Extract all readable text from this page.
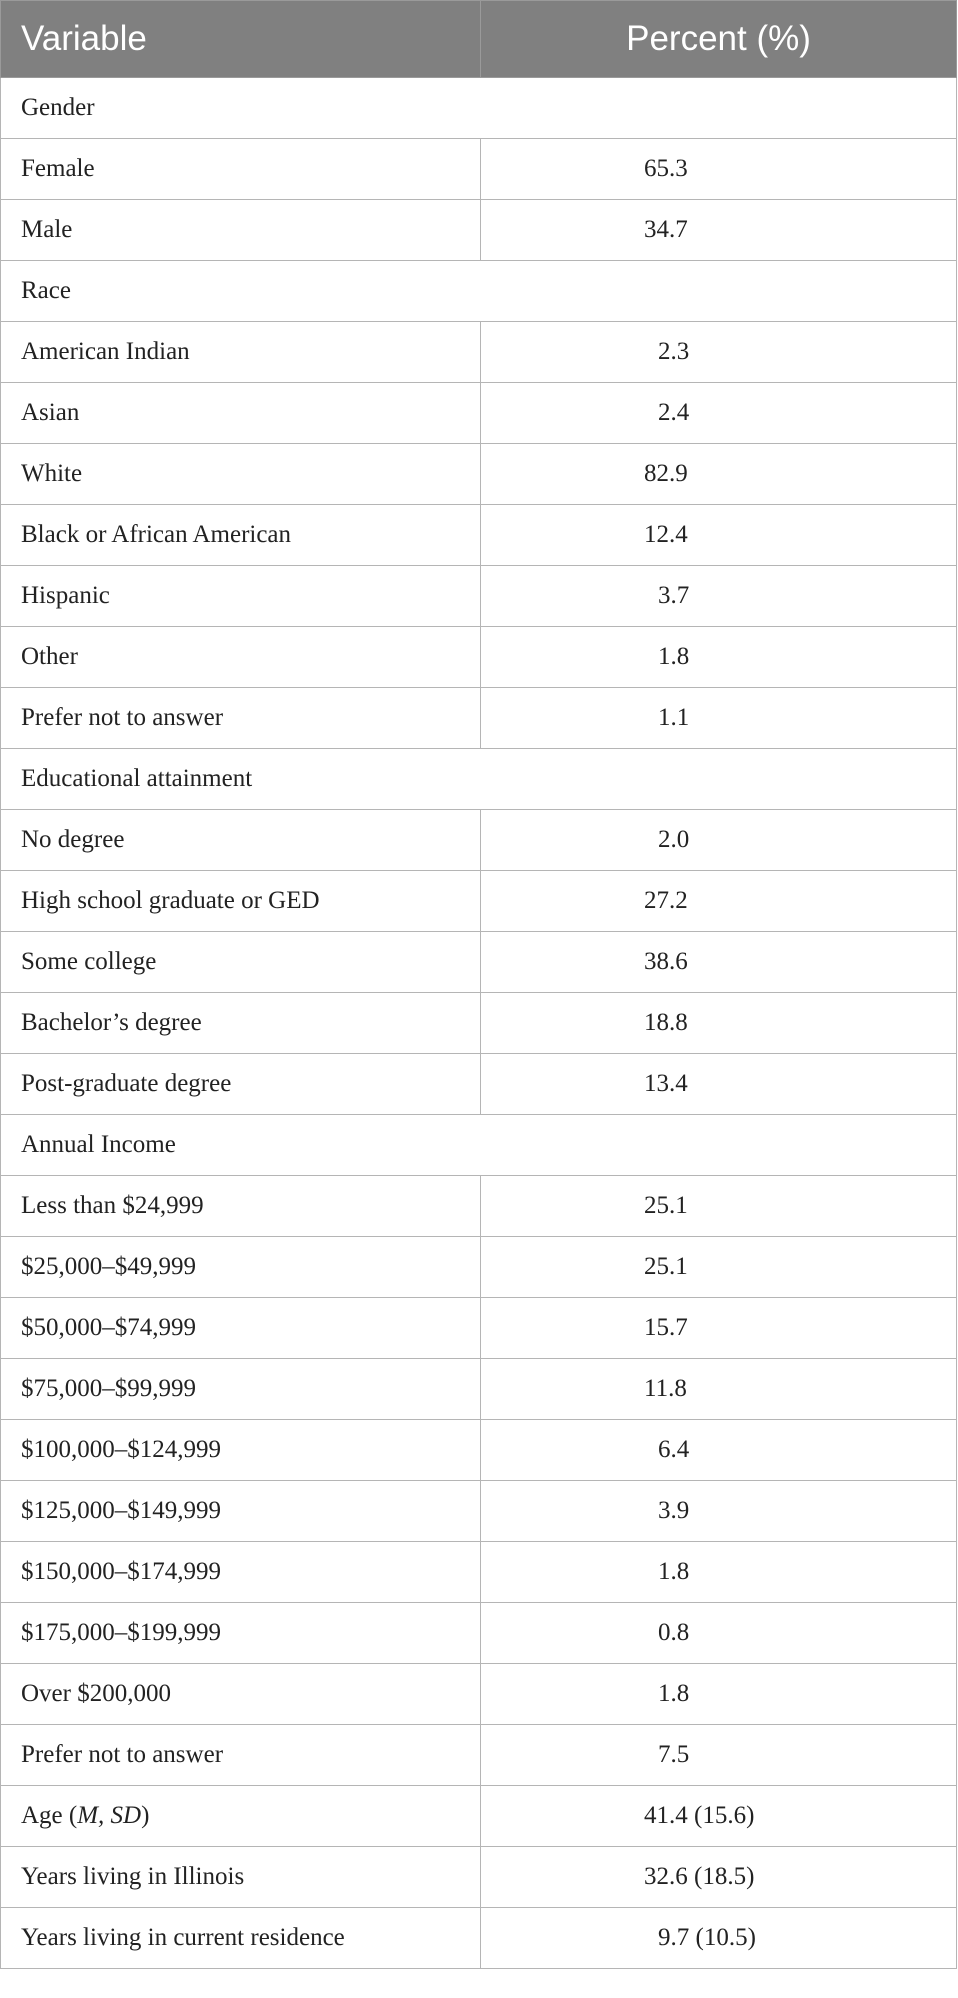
Variable	Percent (%)
Gender	
Female	65.3
Male	34.7
Race	
American Indian	2.3
Asian	2.4
White	82.9
Black or African American	12.4
Hispanic	3.7
Other	1.8
Prefer not to answer	1.1
Educational attainment	
No degree	2.0
High school graduate or GED	27.2
Some college	38.6
Bachelor’s degree	18.8
Post-graduate degree	13.4
Annual Income	
Less than $24,999	25.1
$25,000–$49,999	25.1
$50,000–$74,999	15.7
$75,000–$99,999	11.8
$100,000–$124,999	6.4
$125,000–$149,999	3.9
$150,000–$174,999	1.8
$175,000–$199,999	0.8
Over $200,000	1.8
Prefer not to answer	7.5
Age (M, SD)	41.4 (15.6)
Years living in Illinois	32.6 (18.5)
Years living in current residence	9.7 (10.5)
